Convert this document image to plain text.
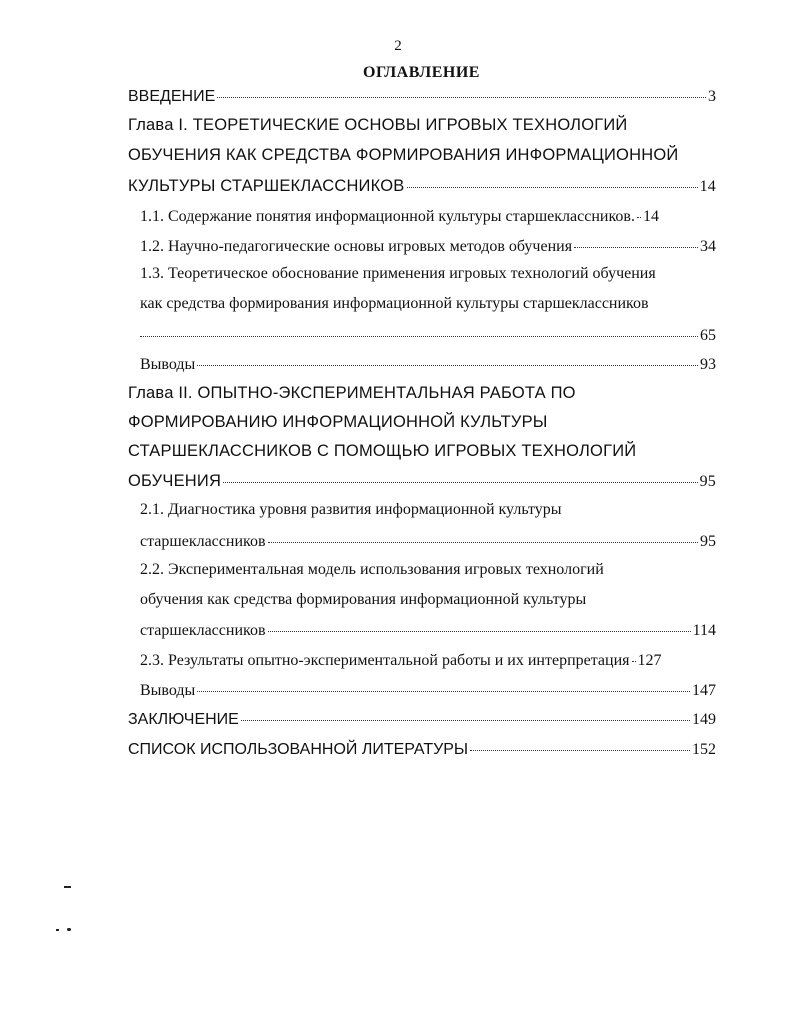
2
ОГЛАВЛЕНИЕ
ВВЕДЕНИЕ	3
Глава I. ТЕОРЕТИЧЕСКИЕ ОСНОВЫ ИГРОВЫХ ТЕХНОЛОГИЙ
ОБУЧЕНИЯ КАК СРЕДСТВА ФОРМИРОВАНИЯ ИНФОРМАЦИОННОЙ
КУЛЬТУРЫ СТАРШЕКЛАССНИКОВ	14
1.1. Содержание понятия информационной культуры старшеклассников. 14
1.2. Научно-педагогические основы игровых методов обучения	34
1.3. Теоретическое обоснование применения игровых технологий обучения
как средства формирования информационной культуры старшеклассников
65
Выводы	93
Глава II. ОПЫТНО-ЭКСПЕРИМЕНТАЛЬНАЯ РАБОТА ПО
ФОРМИРОВАНИЮ ИНФОРМАЦИОННОЙ КУЛЬТУРЫ
СТАРШЕКЛАССНИКОВ С ПОМОЩЬЮ ИГРОВЫХ ТЕХНОЛОГИЙ
ОБУЧЕНИЯ	95
2.1. Диагностика уровня развития информационной культуры
старшеклассников	95
2.2. Экспериментальная модель использования игровых технологий
обучения как средства формирования информационной культуры
старшеклассников	114
2.3. Результаты опытно-экспериментальной работы и их интерпретация 127
Выводы	147
ЗАКЛЮЧЕНИЕ	149
СПИСОК ИСПОЛЬЗОВАННОЙ ЛИТЕРАТУРЫ	152
